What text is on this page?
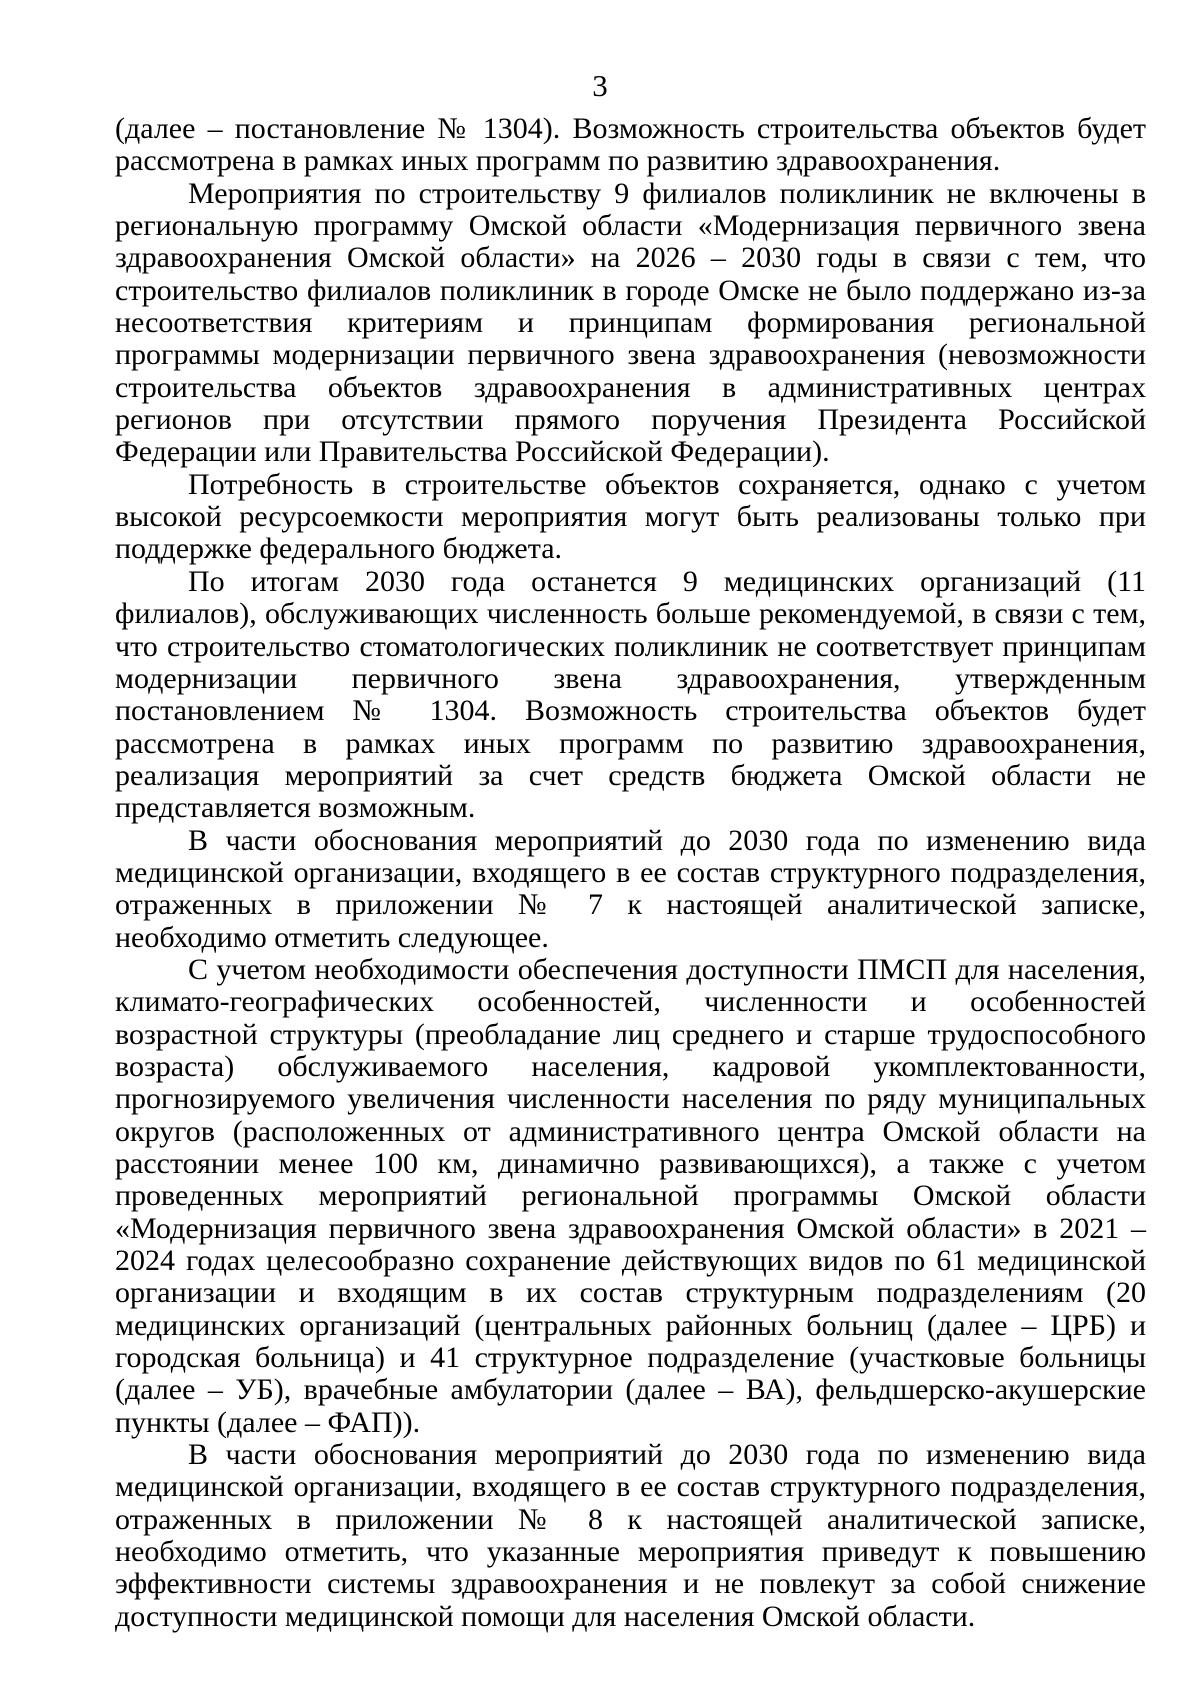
3

(далее – постановление № 1304). Возможность строительства объектов будет рассмотрена в рамках иных программ по развитию здравоохранения.

Мероприятия по строительству 9 филиалов поликлиник не включены в региональную программу Омской области «Модернизация первичного звена здравоохранения Омской области» на 2026 – 2030 годы в связи с тем, что строительство филиалов поликлиник в городе Омске не было поддержано из-за несоответствия критериям и принципам формирования региональной программы модернизации первичного звена здравоохранения (невозможности строительства объектов здравоохранения в административных центрах регионов при отсутствии прямого поручения Президента Российской Федерации или Правительства Российской Федерации).

Потребность в строительстве объектов сохраняется, однако с учетом высокой ресурсоемкости мероприятия могут быть реализованы только при поддержке федерального бюджета.

По итогам 2030 года останется 9 медицинских организаций (11 филиалов), обслуживающих численность больше рекомендуемой, в связи с тем, что строительство стоматологических поликлиник не соответствует принципам модернизации первичного звена здравоохранения, утвержденным постановлением № 1304. Возможность строительства объектов будет рассмотрена в рамках иных программ по развитию здравоохранения, реализация мероприятий за счет средств бюджета Омской области не представляется возможным.

В части обоснования мероприятий до 2030 года по изменению вида медицинской организации, входящего в ее состав структурного подразделения, отраженных в приложении № 7 к настоящей аналитической записке, необходимо отметить следующее.

С учетом необходимости обеспечения доступности ПМСП для населения, климато-географических особенностей, численности и особенностей возрастной структуры (преобладание лиц среднего и старше трудоспособного возраста) обслуживаемого населения, кадровой укомплектованности, прогнозируемого увеличения численности населения по ряду муниципальных округов (расположенных от административного центра Омской области на расстоянии менее 100 км, динамично развивающихся), а также с учетом проведенных мероприятий региональной программы Омской области «Модернизация первичного звена здравоохранения Омской области» в 2021 – 2024 годах целесообразно сохранение действующих видов по 61 медицинской организации и входящим в их состав структурным подразделениям (20 медицинских организаций (центральных районных больниц (далее – ЦРБ) и городская больница) и 41 структурное подразделение (участковые больницы (далее – УБ), врачебные амбулатории (далее – ВА), фельдшерско-акушерские пункты (далее – ФАП)).

В части обоснования мероприятий до 2030 года по изменению вида медицинской организации, входящего в ее состав структурного подразделения, отраженных в приложении № 8 к настоящей аналитической записке, необходимо отметить, что указанные мероприятия приведут к повышению эффективности системы здравоохранения и не повлекут за собой снижение доступности медицинской помощи для населения Омской области.
